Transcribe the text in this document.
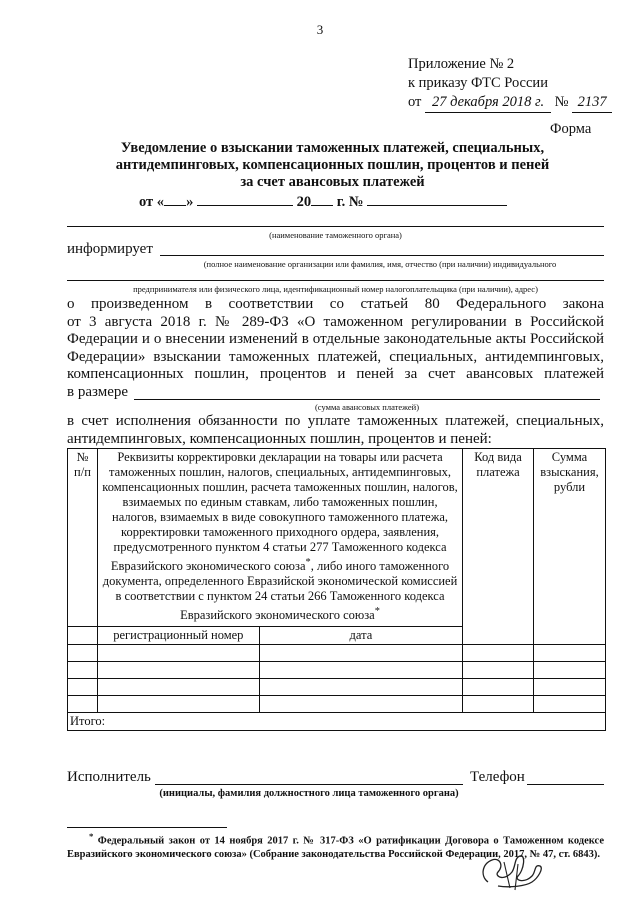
3
Приложение № 2
к приказу ФТС России
от 27 декабря 2018 г. № 2137
Форма
Уведомление о взыскании таможенных платежей, специальных,
антидемпинговых, компенсационных пошлин, процентов и пеней
за счет авансовых платежей
от « »	20 г. №
(наименование таможенного органа)
информирует
(полное наименование организации или фамилия, имя, отчество (при наличии) индивидуального
предпринимателя или физического лица, идентификационный номер налогоплательщика (при наличии), адрес)
о произведенном в соответствии со статьей 80 Федерального закона
от 3 августа 2018 г. № 289-ФЗ «О таможенном регулировании в Российской
Федерации и о внесении изменений в отдельные законодательные акты Российской
Федерации» взыскании таможенных платежей, специальных, антидемпинговых,
компенсационных пошлин, процентов и пеней за счет авансовых платежей
в размере
(сумма авансовых платежей)
в счет исполнения обязанности по уплате таможенных платежей, специальных,
антидемпинговых, компенсационных пошлин, процентов и пеней:
№ п/п	Реквизиты корректировки декларации на товары или расчета таможенных пошлин, налогов, специальных, антидемпинговых, компенсационных пошлин, расчета таможенных пошлин, налогов, взимаемых по единым ставкам, либо таможенных пошлин, налогов, взимаемых в виде совокупного таможенного платежа, корректировки таможенного приходного ордера, заявления, предусмотренного пунктом 4 статьи 277 Таможенного кодекса Евразийского экономического союза*, либо иного таможенного документа, определенного Евразийской экономической комиссией в соответствии с пунктом 24 статьи 266 Таможенного кодекса Евразийского экономического союза*		Код вида платежа	Сумма взыскания, рубли
	регистрационный номер	дата		

Итого:				
Исполнитель	Телефон
(инициалы, фамилия должностного лица таможенного органа)
* Федеральный закон от 14 ноября 2017 г. № 317-ФЗ «О ратификации Договора о Таможенном кодексе
Евразийского экономического союза» (Собрание законодательства Российской Федерации, 2017, № 47, ст. 6843).
